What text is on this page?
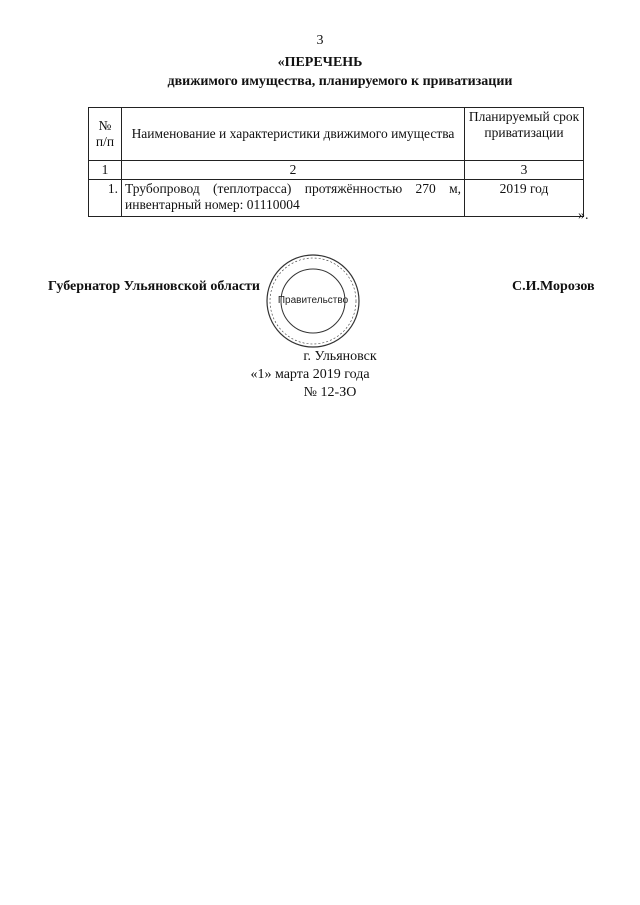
3
«ПЕРЕЧЕНЬ
движимого имущества, планируемого к приватизации
№ п/п	Наименование и характеристики движимого имущества	Планируемый срок приватизации
1	2	3
1.	Трубопровод (теплотрасса) протяжённостью 270 м, инвентарный номер: 01110004	2019 год
».
Губернатор Ульяновской области	С.И.Морозов
Правительство
г. Ульяновск
«1» марта 2019 года
№ 12-ЗО
